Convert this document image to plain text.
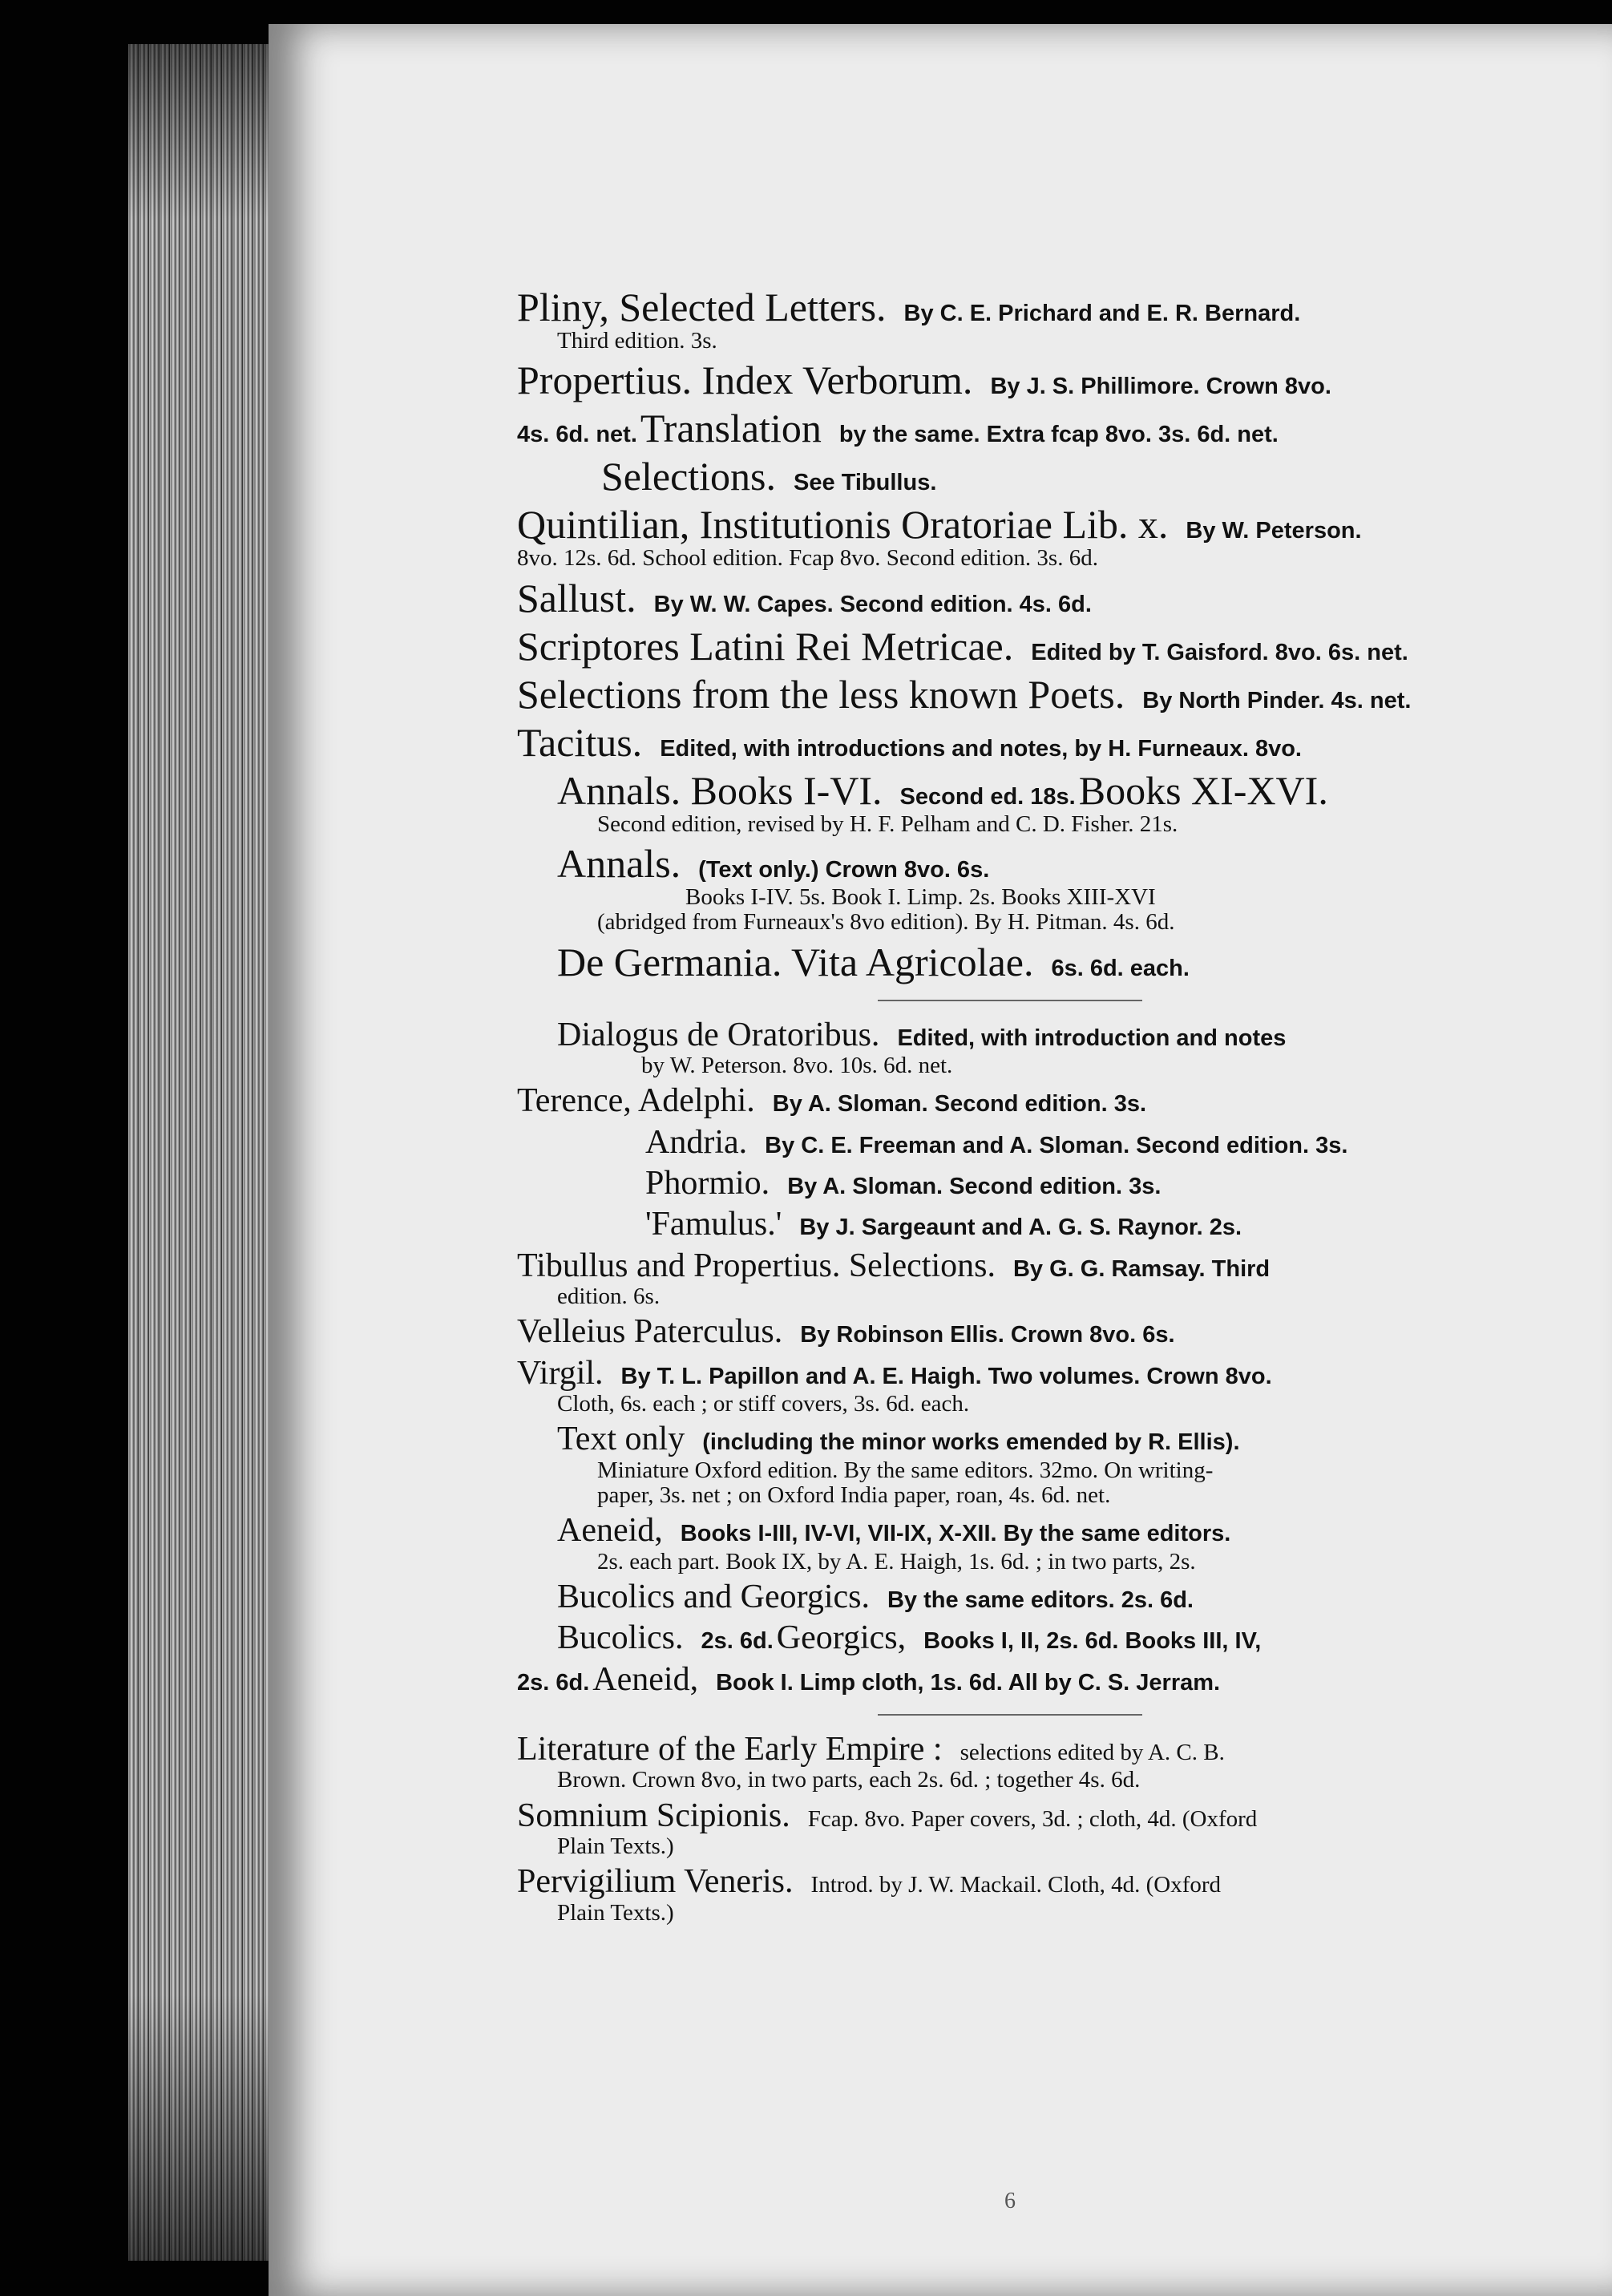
Pliny, Selected Letters. By C. E. Prichard and E. R. Bernard.
Third edition. 3s.

Propertius. Index Verborum. By J. S. Phillimore. Crown 8vo.

4s. 6d. net. Translation by the same. Extra fcap 8vo. 3s. 6d. net.

Selections. See Tibullus.

Quintilian, Institutionis Oratoriae Lib. x. By W. Peterson.
8vo. 12s. 6d. School edition. Fcap 8vo. Second edition. 3s. 6d.

Sallust. By W. W. Capes. Second edition. 4s. 6d.

Scriptores Latini Rei Metricae. Edited by T. Gaisford. 8vo. 6s. net.

Selections from the less known Poets. By North Pinder. 4s. net.

Tacitus. Edited, with introductions and notes, by H. Furneaux. 8vo.

Annals. Books I-VI. Second ed. 18s. Books XI-XVI.
Second edition, revised by H. F. Pelham and C. D. Fisher. 21s.

Annals. (Text only.) Crown 8vo. 6s.
Books I-IV. 5s. Book I. Limp. 2s. Books XIII-XVI
(abridged from Furneaux's 8vo edition). By H. Pitman. 4s. 6d.

De Germania. Vita Agricolae. 6s. 6d. each.

Dialogus de Oratoribus. Edited, with introduction and notes
by W. Peterson. 8vo. 10s. 6d. net.

Terence, Adelphi. By A. Sloman. Second edition. 3s.

Andria. By C. E. Freeman and A. Sloman. Second edition. 3s.

Phormio. By A. Sloman. Second edition. 3s.

'Famulus.' By J. Sargeaunt and A. G. S. Raynor. 2s.

Tibullus and Propertius. Selections. By G. G. Ramsay. Third
edition. 6s.

Velleius Paterculus. By Robinson Ellis. Crown 8vo. 6s.

Virgil. By T. L. Papillon and A. E. Haigh. Two volumes. Crown 8vo.
Cloth, 6s. each ; or stiff covers, 3s. 6d. each.

Text only (including the minor works emended by R. Ellis).
Miniature Oxford edition. By the same editors. 32mo. On writing-
paper, 3s. net ; on Oxford India paper, roan, 4s. 6d. net.

Aeneid, Books I-III, IV-VI, VII-IX, X-XII. By the same editors.
2s. each part. Book IX, by A. E. Haigh, 1s. 6d. ; in two parts, 2s.

Bucolics and Georgics. By the same editors. 2s. 6d.

Bucolics. 2s. 6d. Georgics, Books I, II, 2s. 6d. Books III, IV,

2s. 6d. Aeneid, Book I. Limp cloth, 1s. 6d. All by C. S. Jerram.

Literature of the Early Empire : selections edited by A. C. B.
Brown. Crown 8vo, in two parts, each 2s. 6d. ; together 4s. 6d.

Somnium Scipionis. Fcap. 8vo. Paper covers, 3d. ; cloth, 4d. (Oxford
Plain Texts.)

Pervigilium Veneris. Introd. by J. W. Mackail. Cloth, 4d. (Oxford
Plain Texts.)

6
